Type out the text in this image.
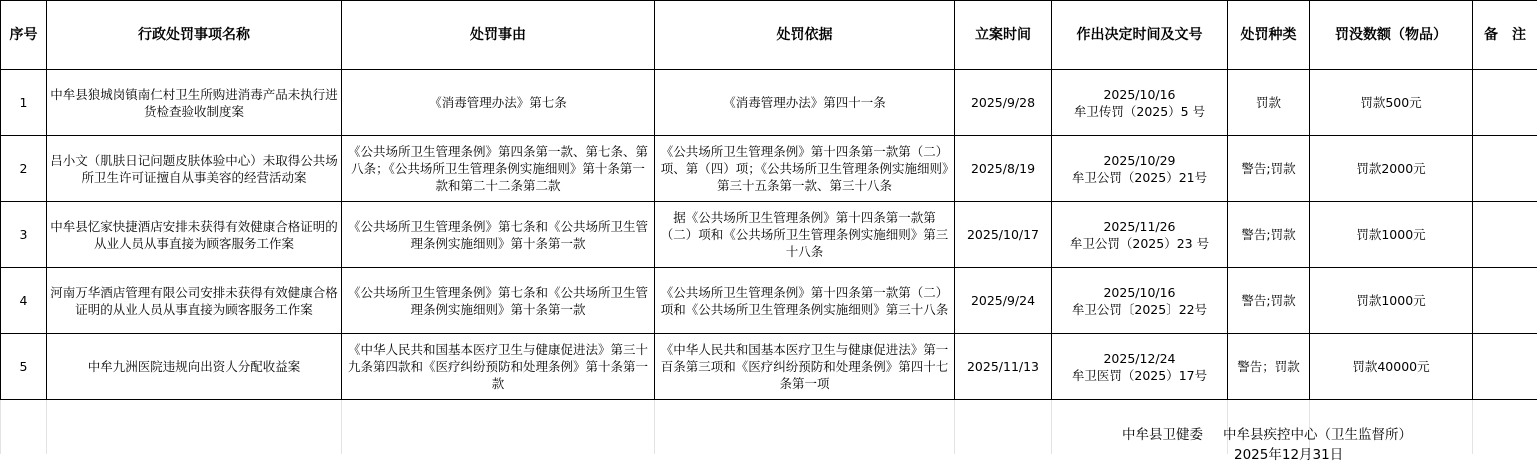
序号	行政处罚事项名称	处罚事由	处罚依据	立案时间	作出决定时间及文号	处罚种类	罚没数额（物品）	备　注
1	中牟县狼城岗镇南仁村卫生所购进消毒产品未执行进货检查验收制度案	《消毒管理办法》第七条	《消毒管理办法》第四十一条	2025/9/28	2025/10/16
牟卫传罚（2025）5 号	罚款	罚款500元	
2	吕小文（肌肤日记问题皮肤体验中心）未取得公共场所卫生许可证擅自从事美容的经营活动案	《公共场所卫生管理条例》第四条第一款、第七条、第八条；《公共场所卫生管理条例实施细则》第十条第一款和第二十二条第二款	《公共场所卫生管理条例》第十四条第一款第（二）项、第（四）项；《公共场所卫生管理条例实施细则》第三十五条第一款、第三十八条	2025/8/19	2025/10/29
牟卫公罚（2025）21号	警告;罚款	罚款2000元	
3	中牟县忆家快捷酒店安排未获得有效健康合格证明的从业人员从事直接为顾客服务工作案	《公共场所卫生管理条例》第七条和《公共场所卫生管理条例实施细则》第十条第一款	据《公共场所卫生管理条例》第十四条第一款第（二）项和《公共场所卫生管理条例实施细则》第三十八条	2025/10/17	2025/11/26
牟卫公罚（2025）23 号	警告;罚款	罚款1000元	
4	河南万华酒店管理有限公司安排未获得有效健康合格证明的从业人员从事直接为顾客服务工作案	《公共场所卫生管理条例》第七条和《公共场所卫生管理条例实施细则》第十条第一款	《公共场所卫生管理条例》第十四条第一款第（二）项和《公共场所卫生管理条例实施细则》第三十八条	2025/9/24	2025/10/16
牟卫公罚〔2025〕22号	警告;罚款	罚款1000元	
5	中牟九洲医院违规向出资人分配收益案	《中华人民共和国基本医疗卫生与健康促进法》第三十九条第四款和《医疗纠纷预防和处理条例》第十条第一款	《中华人民共和国基本医疗卫生与健康促进法》第一百条第三项和《医疗纠纷预防和处理条例》第四十七条第一项	2025/11/13	2025/12/24
牟卫医罚（2025）17号	警告；罚款	罚款40000元	

中牟县卫健委 中牟县疾控中心（卫生监督所）
2025年12月31日
